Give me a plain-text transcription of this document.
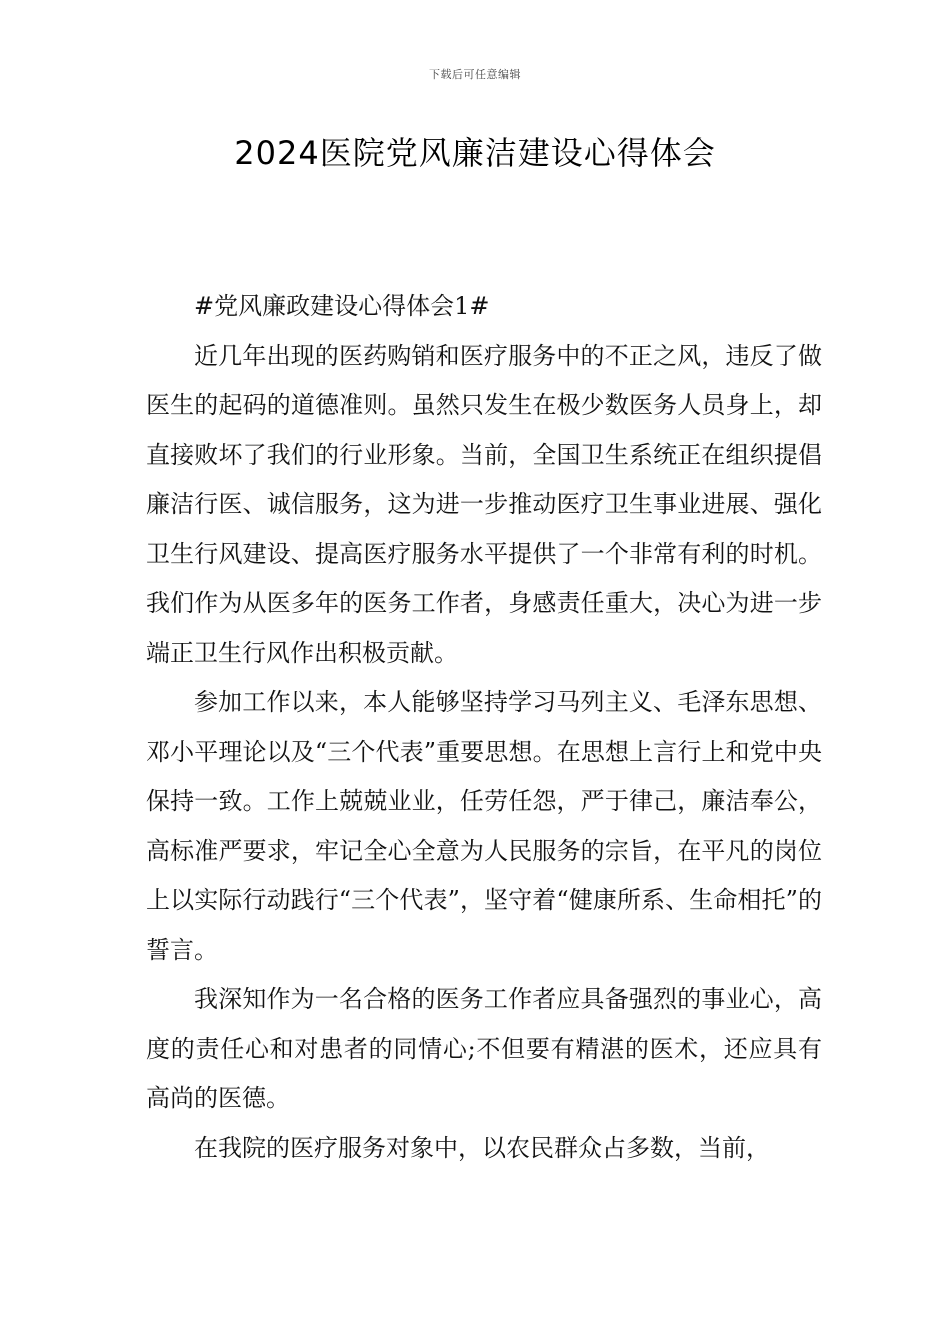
下载后可任意编辑
2024医院党风廉洁建设心得体会

#党风廉政建设心得体会1#

近几年出现的医药购销和医疗服务中的不正之风，违反了做医生的起码的道德准则。虽然只发生在极少数医务人员身上，却直接败坏了我们的行业形象。当前，全国卫生系统正在组织提倡廉洁行医、诚信服务，这为进一步推动医疗卫生事业进展、强化卫生行风建设、提高医疗服务水平提供了一个非常有利的时机。我们作为从医多年的医务工作者，身感责任重大，决心为进一步端正卫生行风作出积极贡献。

参加工作以来，本人能够坚持学习马列主义、毛泽东思想、邓小平理论以及“三个代表”重要思想。在思想上言行上和党中央保持一致。工作上兢兢业业，任劳任怨，严于律己，廉洁奉公，高标准严要求，牢记全心全意为人民服务的宗旨，在平凡的岗位上以实际行动践行“三个代表”，坚守着“健康所系、生命相托”的誓言。

我深知作为一名合格的医务工作者应具备强烈的事业心，高度的责任心和对患者的同情心;不但要有精湛的医术，还应具有高尚的医德。

在我院的医疗服务对象中，以农民群众占多数，当前，
